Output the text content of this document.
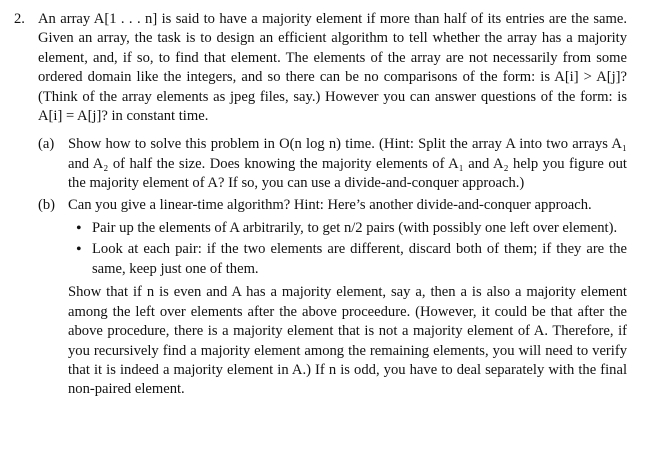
2. An array A[1 . . . n] is said to have a majority element if more than half of its entries are the same. Given an array, the task is to design an efficient algorithm to tell whether the array has a majority element, and, if so, to find that element. The elements of the array are not necessarily from some ordered domain like the integers, and so there can be no comparisons of the form: is A[i] > A[j]? (Think of the array elements as jpeg files, say.) However you can answer questions of the form: is A[i] = A[j]? in constant time.

(a) Show how to solve this problem in O(n log n) time. (Hint: Split the array A into two arrays A₁ and A₂ of half the size. Does knowing the majority elements of A₁ and A₂ help you figure out the majority element of A? If so, you can use a divide-and-conquer approach.)
(b) Can you give a linear-time algorithm? Hint: Here’s another divide-and-conquer approach.
• Pair up the elements of A arbitrarily, to get n/2 pairs (with possibly one left over element).
• Look at each pair: if the two elements are different, discard both of them; if they are the same, keep just one of them.
Show that if n is even and A has a majority element, say a, then a is also a majority element among the left over elements after the above proceedure. (However, it could be that after the above procedure, there is a majority element that is not a majority element of A. Therefore, if you recursively find a majority element among the remaining elements, you will need to verify that it is indeed a majority element in A.) If n is odd, you have to deal separately with the final non-paired element.
